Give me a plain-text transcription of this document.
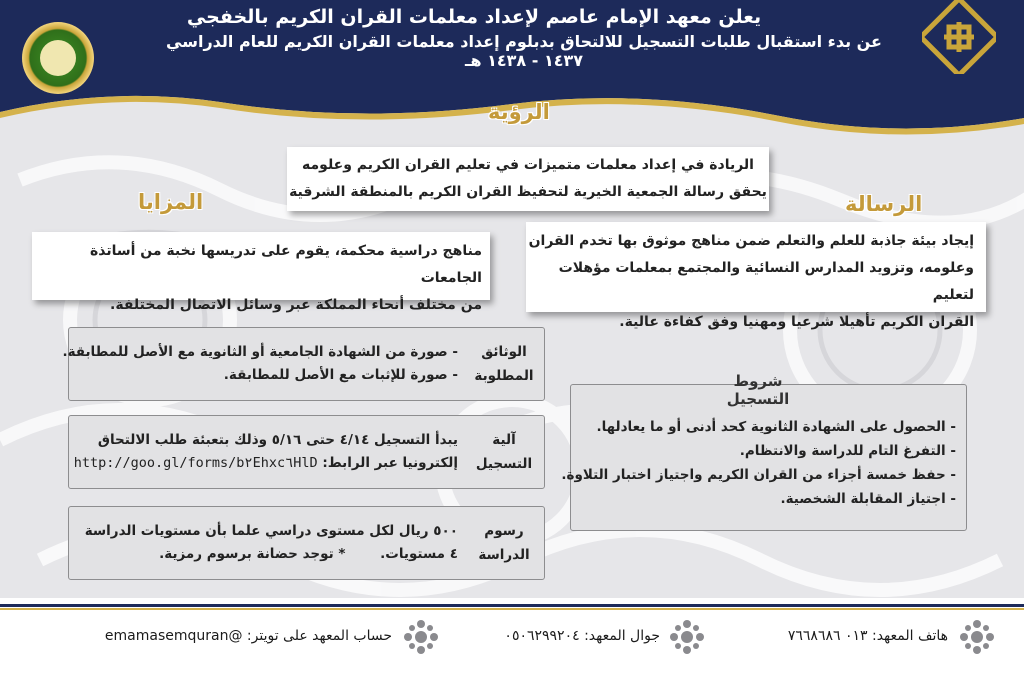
يعلن معهد الإمام عاصم لإعداد معلمات القران الكريم بالخفجي
عن بدء استقبال طلبات التسجيل للالتحاق بدبلوم إعداد معلمات القران الكريم للعام الدراسي ١٤٣٧ - ١٤٣٨ هـ
الرؤية

الريادة في إعداد معلمات متميزات في تعليم القران الكريم وعلومه

يحقق رسالة الجمعية الخيرية لتحفيظ القران الكريم بالمنطقة الشرقية

المزايا

مناهج دراسية محكمة، يقوم على تدريسها نخبة من أساتذة الجامعات

من مختلف أنحاء المملكة عبر وسائل الاتصال المختلفة.

الرسالة

إيجاد بيئة جاذبة للعلم والتعلم ضمن مناهج موثوق بها تخدم القران

وعلومه، وتزويد المدارس النسائية والمجتمع بمعلمات مؤهلات لتعليم

القران الكريم تأهيلا شرعيا ومهنيا وفق كفاءة عالية.

الوثائق
المطلوبة
- صورة من الشهادة الجامعية أو الثانوية مع الأصل للمطابقة.
- صورة للإثبات مع الأصل للمطابقة.
آلية
التسجيل
يبدأ التسجيل ٤/١٤ حتى ٥/١٦ وذلك بتعبئة طلب الالتحاق
إلكترونيا عبر الرابط: http://goo.gl/forms/b٢Ehxc٦HlD
رسوم
الدراسة
٥٠٠ ريال لكل مستوى دراسي علما بأن مستويات الدراسة
٤ مستويات. * توجد حضانة برسوم رمزية.
- الحصول على الشهادة الثانوية كحد أدنى أو ما يعادلها.
- التفرغ التام للدراسة والانتظام.
- حفظ خمسة أجزاء من القران الكريم واجتياز اختبار التلاوة.
- اجتياز المقابلة الشخصية.
شروط التسجيل
هاتف المعهد: ٠١٣ ٧٦٦٨٦٨٦
جوال المعهد: ٠٥٠٦٢٩٩٢٠٤
حساب المعهد على تويتر: @emamasemquran
